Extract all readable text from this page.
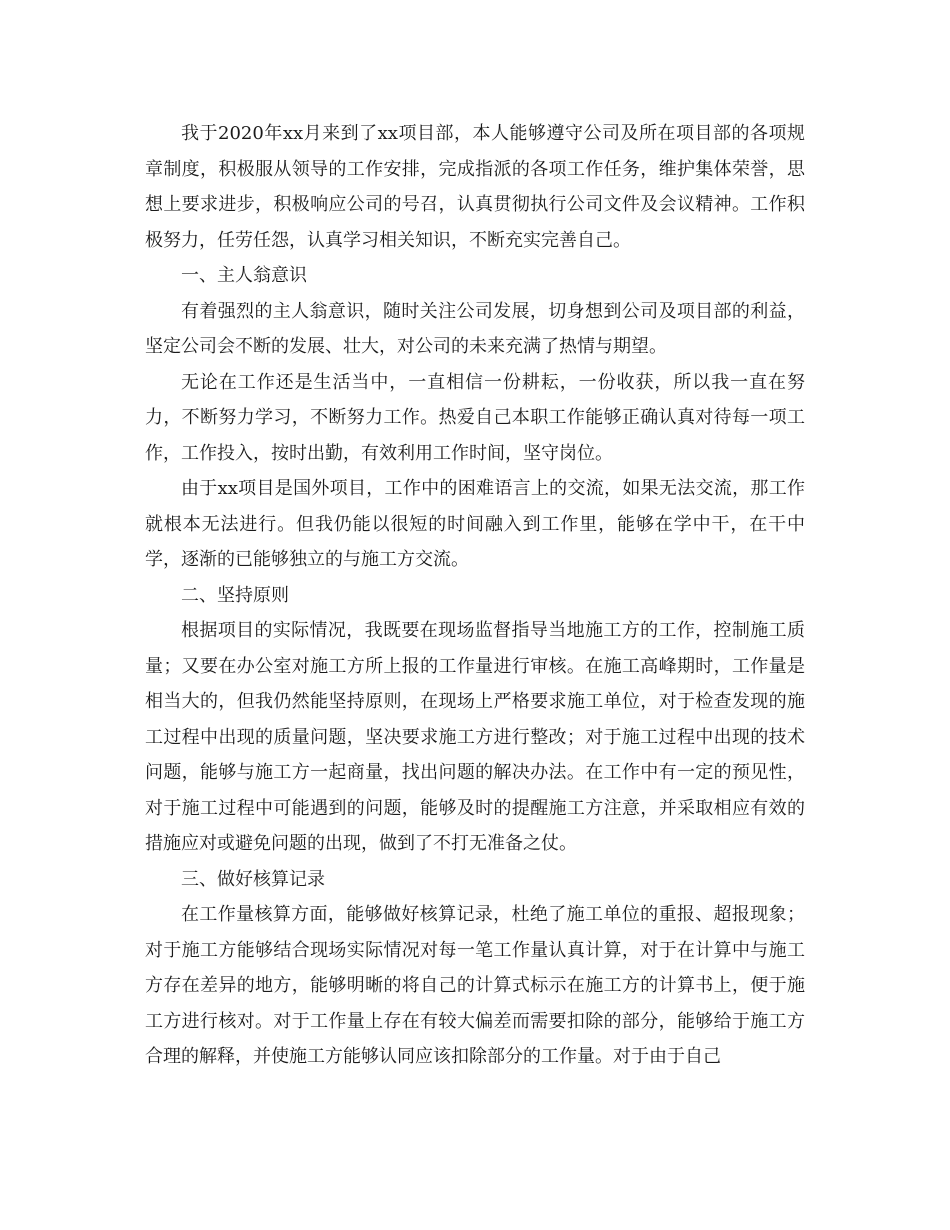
我于2020年xx月来到了xx项目部，本人能够遵守公司及所在项目部的各项规章制度，积极服从领导的工作安排，完成指派的各项工作任务，维护集体荣誉，思想上要求进步，积极响应公司的号召，认真贯彻执行公司文件及会议精神。工作积极努力，任劳任怨，认真学习相关知识，不断充实完善自己。

一、主人翁意识

有着强烈的主人翁意识，随时关注公司发展，切身想到公司及项目部的利益，坚定公司会不断的发展、壮大，对公司的未来充满了热情与期望。

无论在工作还是生活当中，一直相信一份耕耘，一份收获，所以我一直在努力，不断努力学习，不断努力工作。热爱自己本职工作能够正确认真对待每一项工作，工作投入，按时出勤，有效利用工作时间，坚守岗位。

由于xx项目是国外项目，工作中的困难语言上的交流，如果无法交流，那工作就根本无法进行。但我仍能以很短的时间融入到工作里，能够在学中干，在干中学，逐渐的已能够独立的与施工方交流。

二、坚持原则

根据项目的实际情况，我既要在现场监督指导当地施工方的工作，控制施工质量；又要在办公室对施工方所上报的工作量进行审核。在施工高峰期时，工作量是相当大的，但我仍然能坚持原则，在现场上严格要求施工单位，对于检查发现的施工过程中出现的质量问题，坚决要求施工方进行整改；对于施工过程中出现的技术问题，能够与施工方一起商量，找出问题的解决办法。在工作中有一定的预见性，对于施工过程中可能遇到的问题，能够及时的提醒施工方注意，并采取相应有效的措施应对或避免问题的出现，做到了不打无准备之仗。

三、做好核算记录

在工作量核算方面，能够做好核算记录，杜绝了施工单位的重报、超报现象；对于施工方能够结合现场实际情况对每一笔工作量认真计算，对于在计算中与施工方存在差异的地方，能够明晰的将自己的计算式标示在施工方的计算书上，便于施工方进行核对。对于工作量上存在有较大偏差而需要扣除的部分，能够给于施工方合理的解释，并使施工方能够认同应该扣除部分的工作量。对于由于自己
